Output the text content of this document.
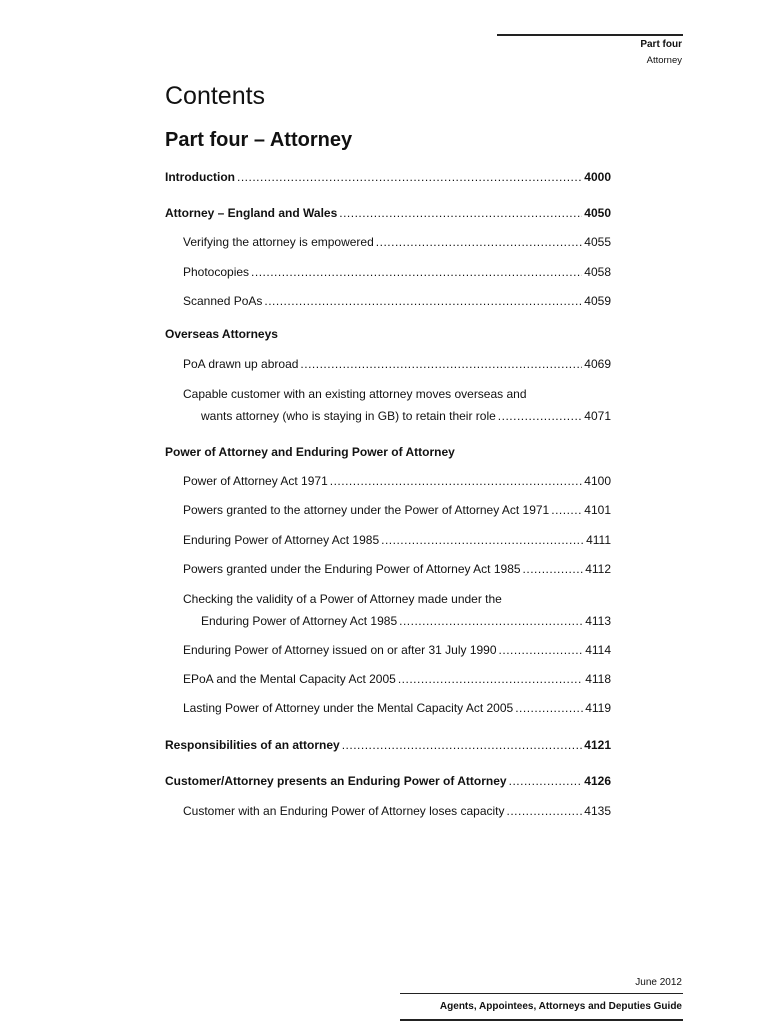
Part four
Attorney
Contents
Part four – Attorney
Introduction .....	4000
Attorney – England and Wales .....	4050
Verifying the attorney is empowered .....	4055
Photocopies .....	4058
Scanned PoAs .....	4059
Overseas Attorneys
PoA drawn up abroad .....	4069
Capable customer with an existing attorney moves overseas and
wants attorney (who is staying in GB) to retain their role .....	4071
Power of Attorney and Enduring Power of Attorney
Power of Attorney Act 1971 .....	4100
Powers granted to the attorney under the Power of Attorney Act 1971 .....	4101
Enduring Power of Attorney Act 1985 .....	4111
Powers granted under the Enduring Power of Attorney Act 1985 .....	4112
Checking the validity of a Power of Attorney made under the
Enduring Power of Attorney Act 1985 .....	4113
Enduring Power of Attorney issued on or after 31 July 1990 .....	4114
EPoA and the Mental Capacity Act 2005 .....	4118
Lasting Power of Attorney under the Mental Capacity Act 2005 .....	4119
Responsibilities of an attorney .....	4121
Customer/Attorney presents an Enduring Power of Attorney .....	4126
Customer with an Enduring Power of Attorney loses capacity .....	4135
June 2012
Agents, Appointees, Attorneys and Deputies Guide
